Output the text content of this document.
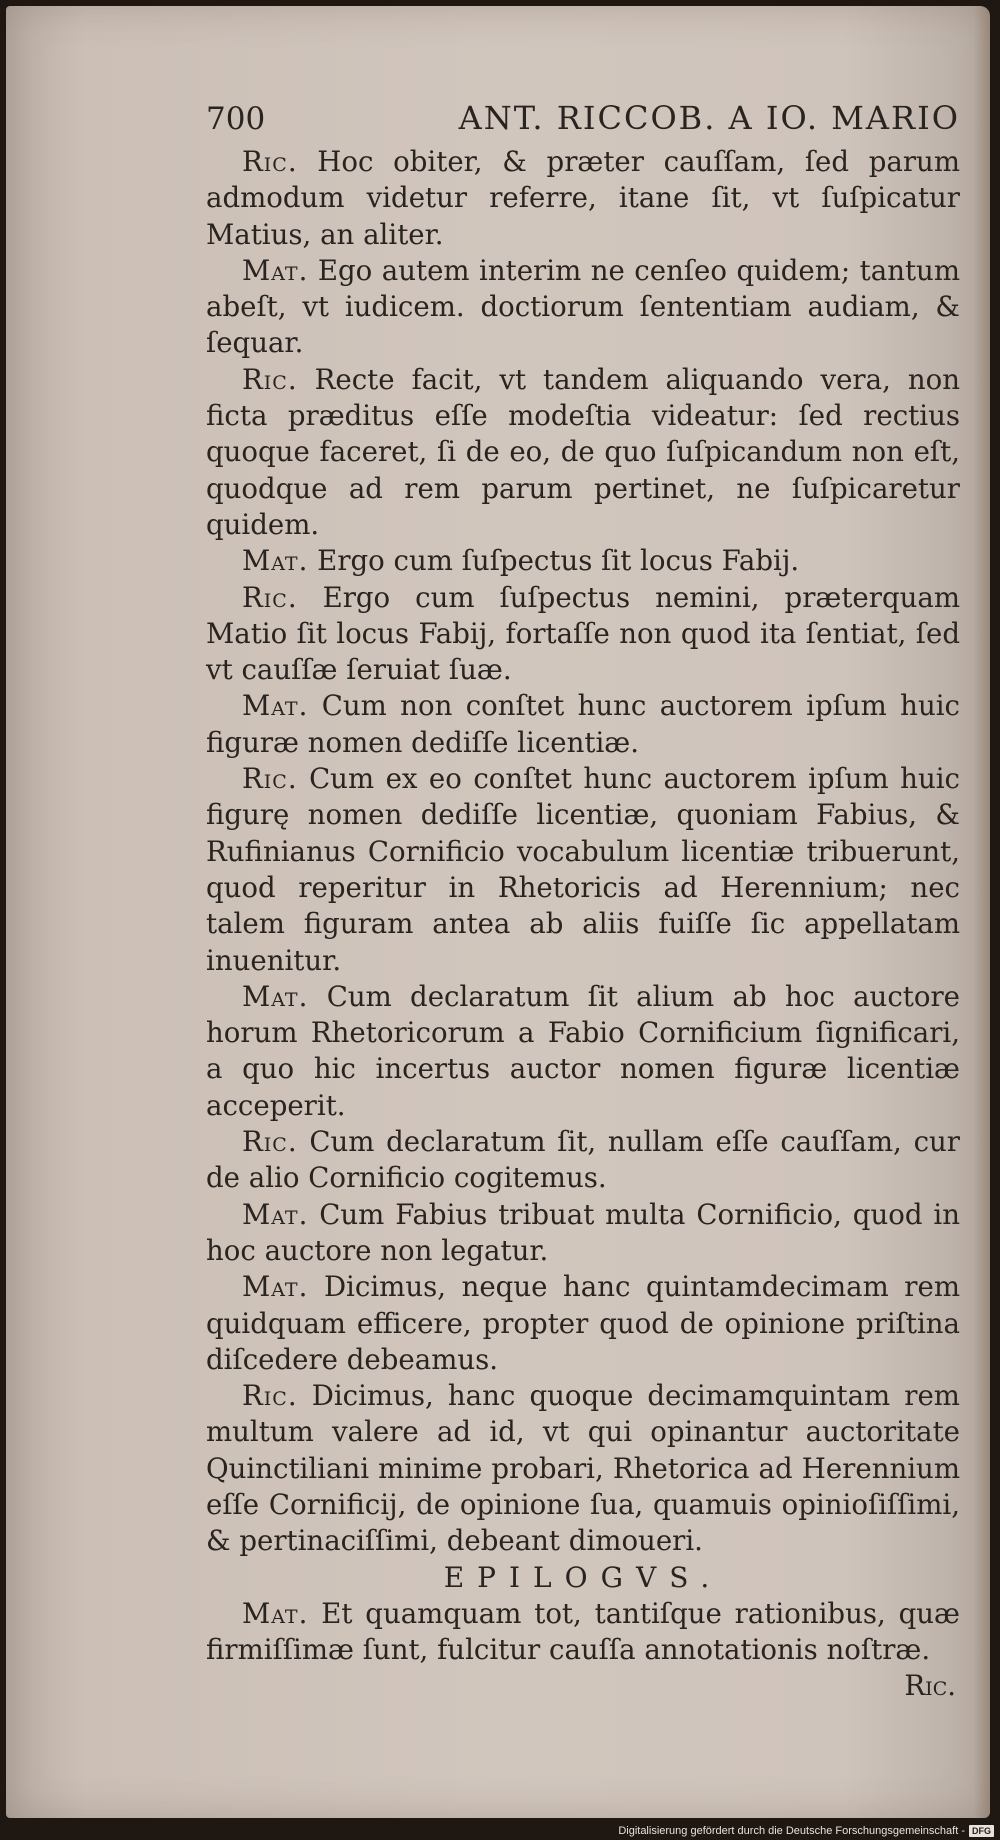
700	ANT. RICCOB. A IO. MARIO

Ric. Hoc obiter, & præter cauſſam, ſed parum admodum videtur referre, itane ſit, vt ſuſpicatur Matius, an aliter.

Mat. Ego autem interim ne cenſeo quidem; tantum abeſt, vt iudicem. doctiorum ſententiam audiam, & ſequar.

Ric. Recte facit, vt tandem aliquando vera, non ficta præditus eſſe modeſtia videatur: ſed rectius quoque faceret, ſi de eo, de quo ſuſpicandum non eſt, quodque ad rem parum pertinet, ne ſuſpicaretur quidem.

Mat. Ergo cum ſuſpectus ſit locus Fabij.

Ric. Ergo cum ſuſpectus nemini, præterquam Matio ſit locus Fabij, fortaſſe non quod ita ſentiat, ſed vt cauſſæ ſeruiat ſuæ.

Mat. Cum non conſtet hunc auctorem ipſum huic figuræ nomen dediſſe licentiæ.

Ric. Cum ex eo conſtet hunc auctorem ipſum huic figurę nomen dediſſe licentiæ, quoniam Fabius, & Rufinianus Cornificio vocabulum licentiæ tribuerunt, quod reperitur in Rhetoricis ad Herennium; nec talem figuram antea ab aliis fuiſſe ſic appellatam inuenitur.

Mat. Cum declaratum ſit alium ab hoc auctore horum Rhetoricorum a Fabio Cornificium ſignificari, a quo hic incertus auctor nomen figuræ licentiæ acceperit.

Ric. Cum declaratum ſit, nullam eſſe cauſſam, cur de alio Cornificio cogitemus.

Mat. Cum Fabius tribuat multa Cornificio, quod in hoc auctore non legatur.

Mat. Dicimus, neque hanc quintamdecimam rem quidquam efficere, propter quod de opinione priſtina diſcedere debeamus.

Ric. Dicimus, hanc quoque decimamquintam rem multum valere ad id, vt qui opinantur auctoritate Quinctiliani minime probari, Rhetorica ad Herennium eſſe Cornificij, de opinione ſua, quamuis opinioſiſſimi, & pertinaciſſimi, debeant dimoueri.

EPILOGVS.

Mat. Et quamquam tot, tantiſque rationibus, quæ firmiſſimæ ſunt, fulcitur cauſſa annotationis noſtræ.

Ric.

Digitalisierung gefördert durch die Deutsche Forschungsgemeinschaft - DFG
